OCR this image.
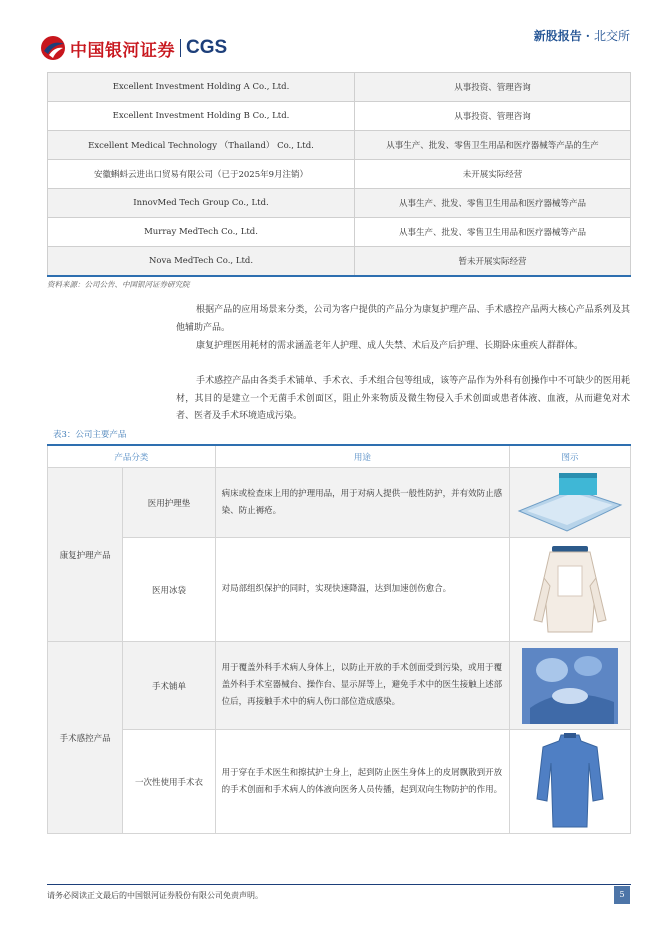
中国银河证券 CGS
新股报告 · 北交所
Excellent Investment Holding A Co., Ltd.	从事投资、管理咨询
Excellent Investment Holding B Co., Ltd.	从事投资、管理咨询
Excellent Medical Technology （Thailand） Co., Ltd.	从事生产、批发、零售卫生用品和医疗器械等产品的生产
安徽蝌蚪云进出口贸易有限公司（已于2025年9月注销）	未开展实际经营
InnovMed Tech Group Co., Ltd.	从事生产、批发、零售卫生用品和医疗器械等产品
Murray MedTech Co., Ltd.	从事生产、批发、零售卫生用品和医疗器械等产品
Nova MedTech Co., Ltd.	暂未开展实际经营
资料来源：公司公告、中国银河证券研究院

根据产品的应用场景来分类，公司为客户提供的产品分为康复护理产品、手术感控产品两大核心产品系列及其他辅助产品。

康复护理医用耗材的需求涵盖老年人护理、成人失禁、术后及产后护理、长期卧床重疾人群群体。

手术感控产品由各类手术铺单、手术衣、手术组合包等组成，该等产品作为外科有创操作中不可缺少的医用耗材，其目的是建立一个无菌手术创面区，阻止外来物质及微生物侵入手术创面或患者体液、血液，从而避免对术者、医者及手术环境造成污染。

表3：公司主要产品
产品分类		用途	图示
康复护理产品	医用护理垫	病床或检查床上用的护理用品，用于对病人提供一般性防护，并有效防止感染、防止褥疮。	

	医用冰袋	对局部组织保护的同时，实现快速降温，达到加速创伤愈合。	

手术感控产品	手术铺单	用于覆盖外科手术病人身体上，以防止开放的手术创面受到污染，或用于覆盖外科手术室器械台、操作台、显示屏等上，避免手术中的医生接触上述部位后，再接触手术中的病人伤口部位造成感染。	

	一次性使用手术衣	用于穿在手术医生和擦拭护士身上，起到防止医生身体上的皮屑飘散到开放的手术创面和手术病人的体液向医务人员传播，起到双向生物防护的作用。	
请务必阅读正文最后的中国银河证券股份有限公司免责声明。	5
